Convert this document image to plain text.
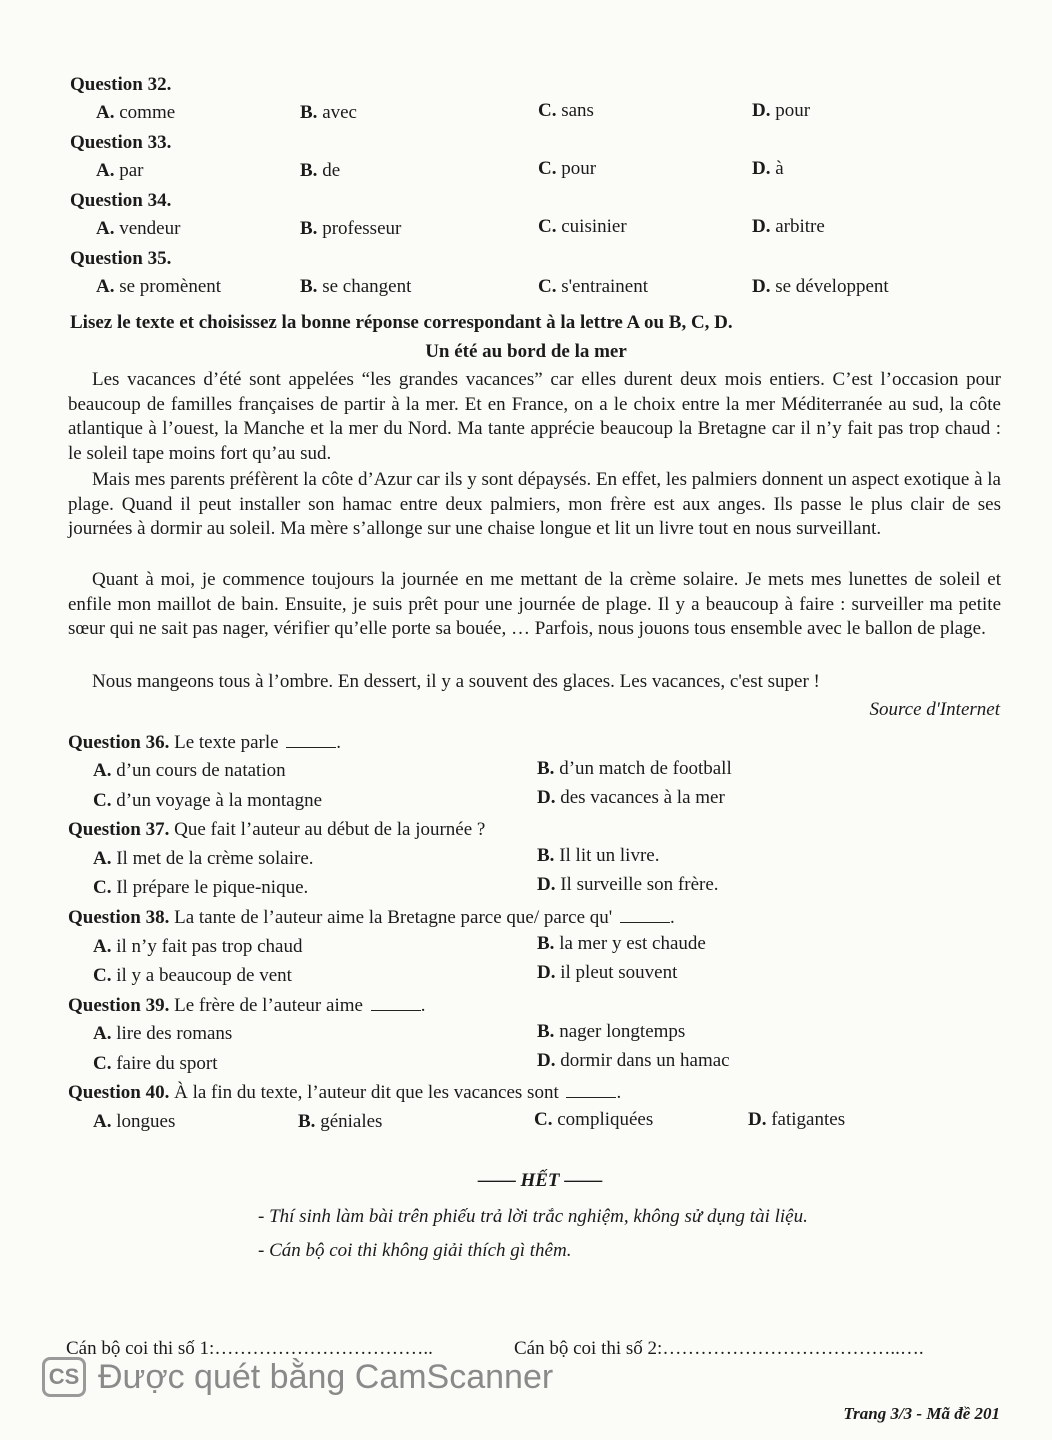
Question 32.
A. comme	B. avec	C. sans	D. pour
Question 33.
A. par	B. de	C. pour	D. à
Question 34.
A. vendeur	B. professeur	C. cuisinier	D. arbitre
Question 35.
A. se promènent	B. se changent	C. s'entrainent	D. se développent
Lisez le texte et choisissez la bonne réponse correspondant à la lettre A ou B, C, D.
Un été au bord de la mer
Les vacances d’été sont appelées “les grandes vacances” car elles durent deux mois entiers. C’est l’occasion pour beaucoup de familles françaises de partir à la mer. Et en France, on a le choix entre la mer Méditerranée au sud, la côte atlantique à l’ouest, la Manche et la mer du Nord. Ma tante apprécie beaucoup la Bretagne car il n’y fait pas trop chaud : le soleil tape moins fort qu’au sud.
Mais mes parents préfèrent la côte d’Azur car ils y sont dépaysés. En effet, les palmiers donnent un aspect exotique à la plage. Quand il peut installer son hamac entre deux palmiers, mon frère est aux anges. Ils passe le plus clair de ses journées à dormir au soleil. Ma mère s’allonge sur une chaise longue et lit un livre tout en nous surveillant.
Quant à moi, je commence toujours la journée en me mettant de la crème solaire. Je mets mes lunettes de soleil et enfile mon maillot de bain. Ensuite, je suis prêt pour une journée de plage. Il y a beaucoup à faire : surveiller ma petite sœur qui ne sait pas nager, vérifier qu’elle porte sa bouée, … Parfois, nous jouons tous ensemble avec le ballon de plage.
Nous mangeons tous à l’ombre. En dessert, il y a souvent des glaces. Les vacances, c'est super !
Source d'Internet
Question 36. Le texte parle	.
A. d’un cours de natation	B. d’un match de football
C. d’un voyage à la montagne	D. des vacances à la mer
Question 37. Que fait l’auteur au début de la journée ?
A. Il met de la crème solaire.	B. Il lit un livre.
C. Il prépare le pique-nique.	D. Il surveille son frère.
Question 38. La tante de l’auteur aime la Bretagne parce que/ parce qu'	.
A. il n’y fait pas trop chaud	B. la mer y est chaude
C. il y a beaucoup de vent	D. il pleut souvent
Question 39. Le frère de l’auteur aime	.
A. lire des romans	B. nager longtemps
C. faire du sport	D. dormir dans un hamac
Question 40. À la fin du texte, l’auteur dit que les vacances sont	.
A. longues	B. géniales	C. compliquées	D. fatigantes
—— HẾT ——
- Thí sinh làm bài trên phiếu trả lời trắc nghiệm, không sử dụng tài liệu.
- Cán bộ coi thi không giải thích gì thêm.
Cán bộ coi thi số 1:……………………………..	Cán bộ coi thi số 2:………………………………..….
CS Được quét bằng CamScanner
Trang 3/3 - Mã đề 201
